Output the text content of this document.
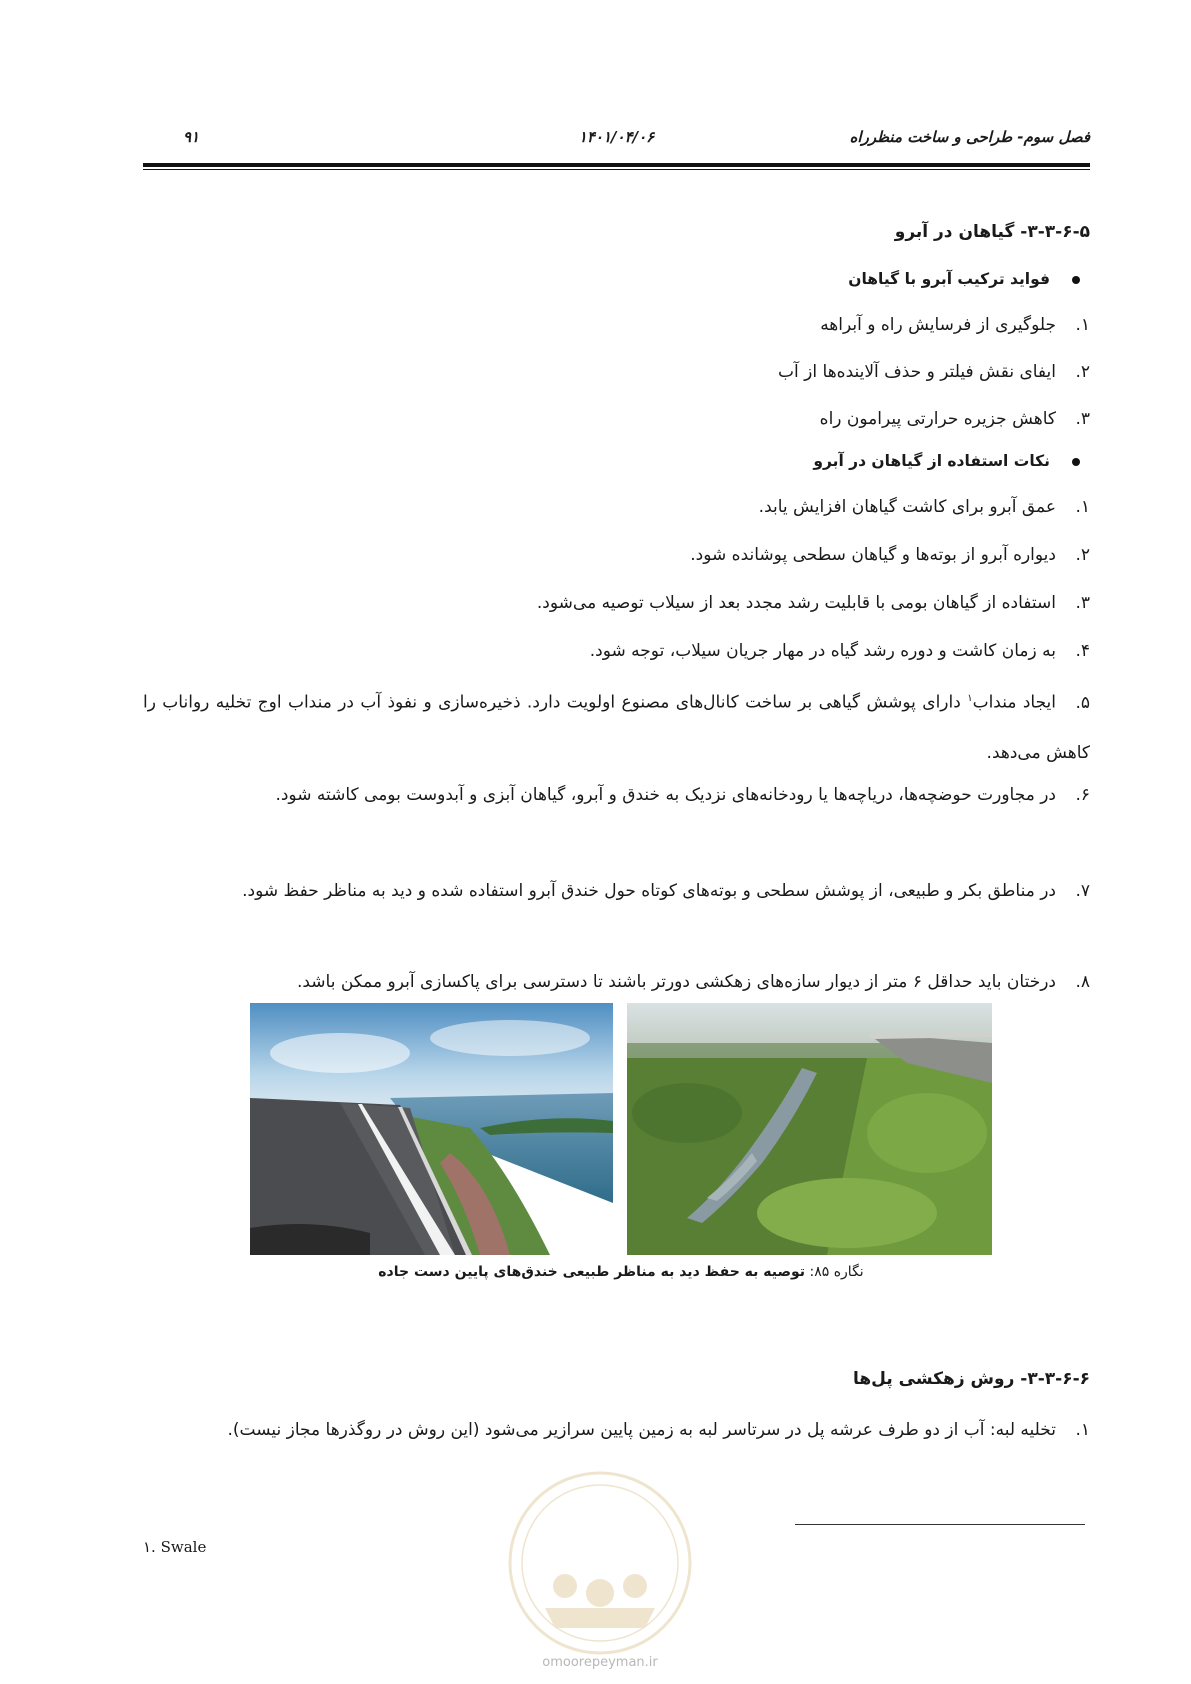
فصل سوم- طراحی و ساخت منظرراه
۱۴۰۱/۰۴/۰۶
۹۱
۳-۳-۶-۵- گیاهان در آبرو
فواید ترکیب آبرو با گیاهان
۱.جلوگیری از فرسایش راه و آبراهه
۲.ایفای نقش فیلتر و حذف آلاینده‌ها از آب
۳.کاهش جزیره حرارتی پیرامون راه
نکات استفاده از گیاهان در آبرو
۱.عمق آبرو برای کاشت گیاهان افزایش یابد.
۲.دیواره آبرو از بوته‌ها و گیاهان سطحی پوشانده شود.
۳.استفاده از گیاهان بومی با قابلیت رشد مجدد بعد از سیلاب توصیه می‌شود.
۴.به زمان کاشت و دوره رشد گیاه در مهار جریان سیلاب، توجه شود.
۵.ایجاد منداب$^۱$ دارای پوشش گیاهی بر ساخت کانال‌های مصنوع اولویت دارد. ذخیره‌سازی و نفوذ آب در منداب اوج تخلیه رواناب را کاهش می‌دهد.
۶.در مجاورت حوضچه‌ها، دریاچه‌ها یا رودخانه‌های نزدیک به خندق و آبرو، گیاهان آبزی و آبدوست بومی کاشته شود.
۷.در مناطق بکر و طبیعی، از پوشش سطحی و بوته‌های کوتاه حول خندق آبرو استفاده شده و دید به مناظر حفظ شود.
۸.درختان باید حداقل ۶ متر از دیوار سازه‌های زهکشی دورتر باشند تا دسترسی برای پاکسازی آبرو ممکن باشد.
نگاره ۸۵: توصیه به حفظ دید به مناظر طبیعی خندق‌های پایین دست جاده
۳-۳-۶-۶- روش زهکشی پل‌ها
۱.تخلیه لبه: آب از دو طرف عرشه پل در سرتاسر لبه به زمین پایین سرازیر می‌شود (این روش در روگذرها مجاز نیست).
۱. Swale
omoorepeyman.ir
